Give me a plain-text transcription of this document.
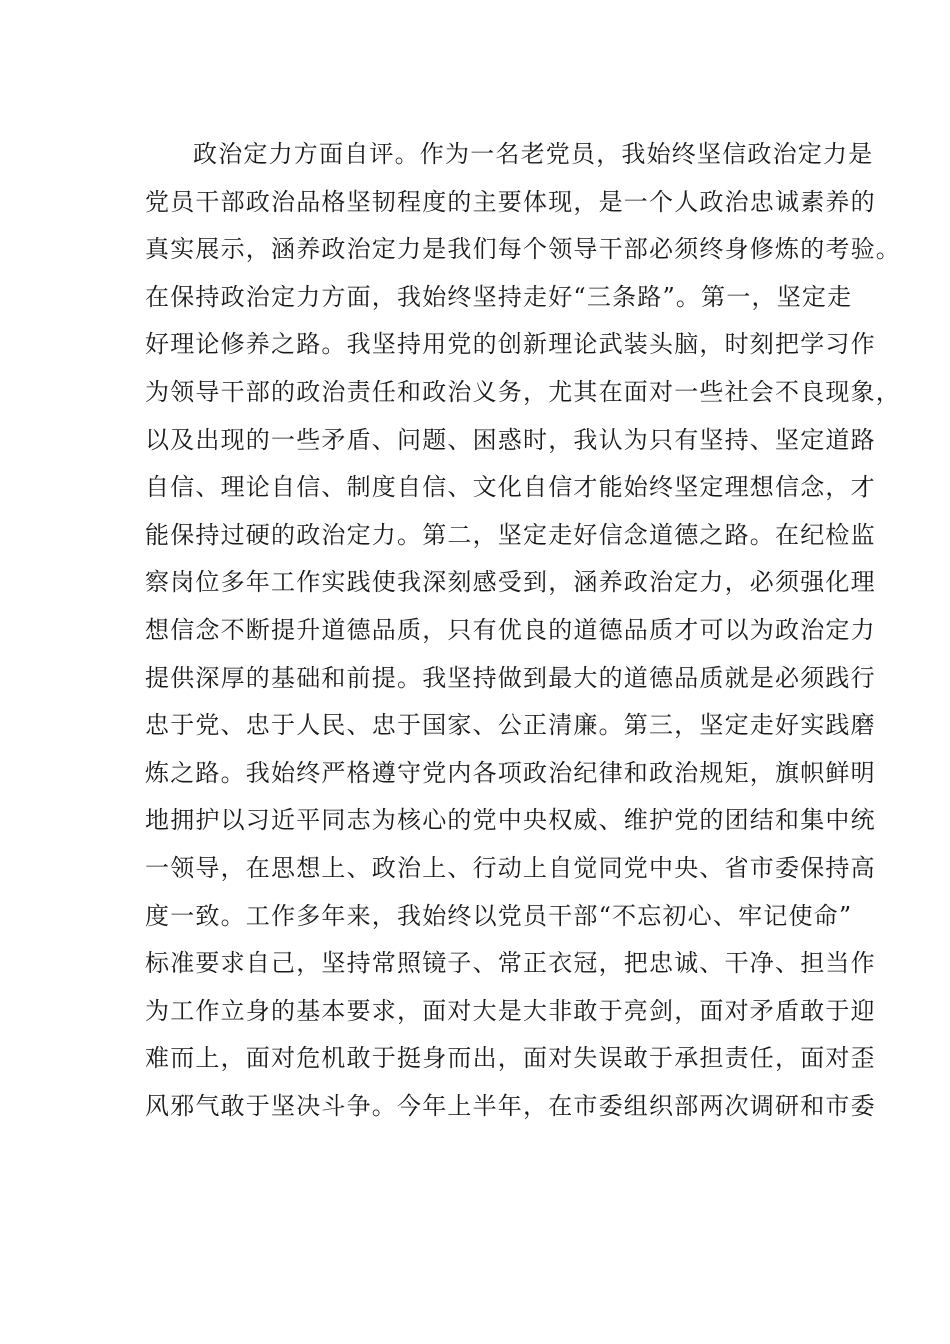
政治定力方面自评。作为一名老党员，我始终坚信政治定力是
党员干部政治品格坚韧程度的主要体现，是一个人政治忠诚素养的
真实展示，涵养政治定力是我们每个领导干部必须终身修炼的考验。
在保持政治定力方面，我始终坚持走好“三条路”。第一，坚定走
好理论修养之路。我坚持用党的创新理论武装头脑，时刻把学习作
为领导干部的政治责任和政治义务，尤其在面对一些社会不良现象，
以及出现的一些矛盾、问题、困惑时，我认为只有坚持、坚定道路
自信、理论自信、制度自信、文化自信才能始终坚定理想信念，才
能保持过硬的政治定力。第二，坚定走好信念道德之路。在纪检监
察岗位多年工作实践使我深刻感受到，涵养政治定力，必须强化理
想信念不断提升道德品质，只有优良的道德品质才可以为政治定力
提供深厚的基础和前提。我坚持做到最大的道德品质就是必须践行
忠于党、忠于人民、忠于国家、公正清廉。第三，坚定走好实践磨
炼之路。我始终严格遵守党内各项政治纪律和政治规矩，旗帜鲜明
地拥护以习近平同志为核心的党中央权威、维护党的团结和集中统
一领导，在思想上、政治上、行动上自觉同党中央、省市委保持高
度一致。工作多年来，我始终以党员干部“不忘初心、牢记使命”
标准要求自己，坚持常照镜子、常正衣冠，把忠诚、干净、担当作
为工作立身的基本要求，面对大是大非敢于亮剑，面对矛盾敢于迎
难而上，面对危机敢于挺身而出，面对失误敢于承担责任，面对歪
风邪气敢于坚决斗争。今年上半年，在市委组织部两次调研和市委
